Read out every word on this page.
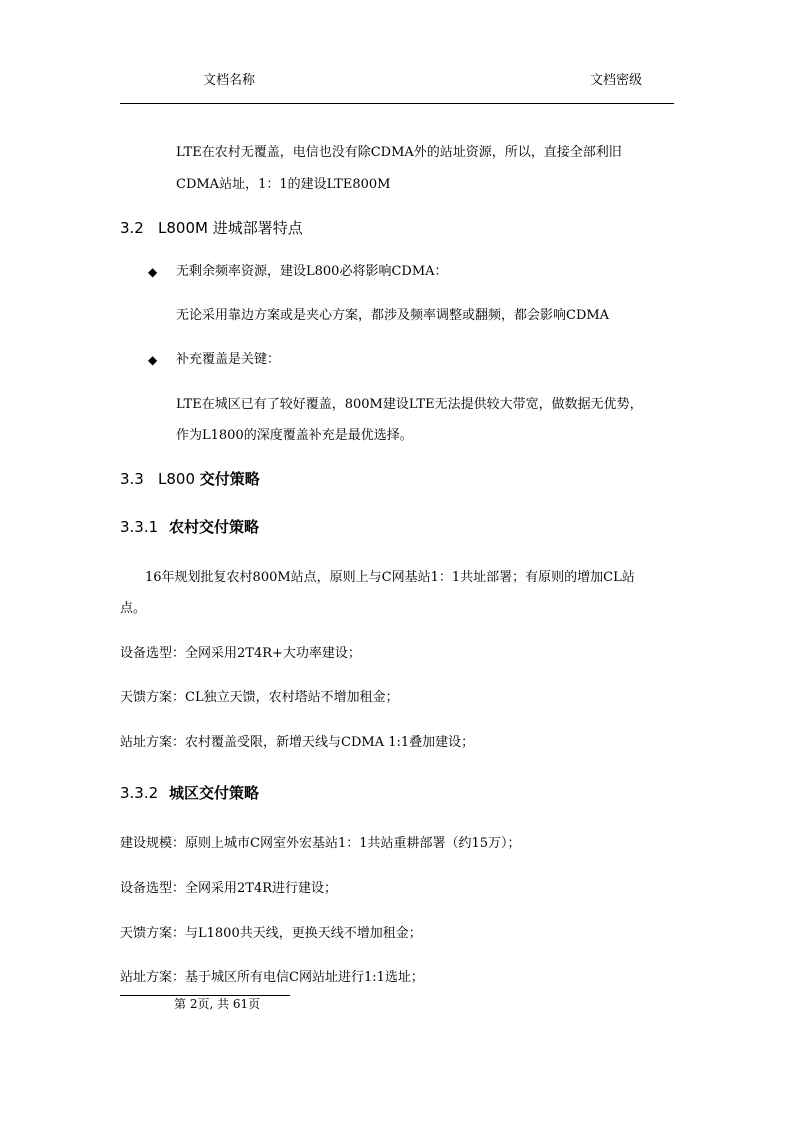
文档名称	文档密级
LTE在农村无覆盖，电信也没有除CDMA外的站址资源，所以，直接全部利旧
CDMA站址，1：1的建设LTE800M
3.2 L800M 进城部署特点
◆ 无剩余频率资源，建设L800必将影响CDMA：
无论采用靠边方案或是夹心方案，都涉及频率调整或翻频，都会影响CDMA
◆ 补充覆盖是关键：
LTE在城区已有了较好覆盖，800M建设LTE无法提供较大带宽，做数据无优势，
作为L1800的深度覆盖补充是最优选择。
3.3 L800 交付策略
3.3.1 农村交付策略
16年规划批复农村800M站点，原则上与C网基站1：1共址部署；有原则的增加CL站
点。
设备选型：全网采用2T4R+大功率建设；
天馈方案：CL独立天馈，农村塔站不增加租金；
站址方案：农村覆盖受限，新增天线与CDMA 1:1叠加建设；
3.3.2 城区交付策略
建设规模：原则上城市C网室外宏基站1：1共站重耕部署（约15万）；
设备选型：全网采用2T4R进行建设；
天馈方案：与L1800共天线，更换天线不增加租金；
站址方案：基于城区所有电信C网站址进行1:1选址；
第 2页, 共 61页
